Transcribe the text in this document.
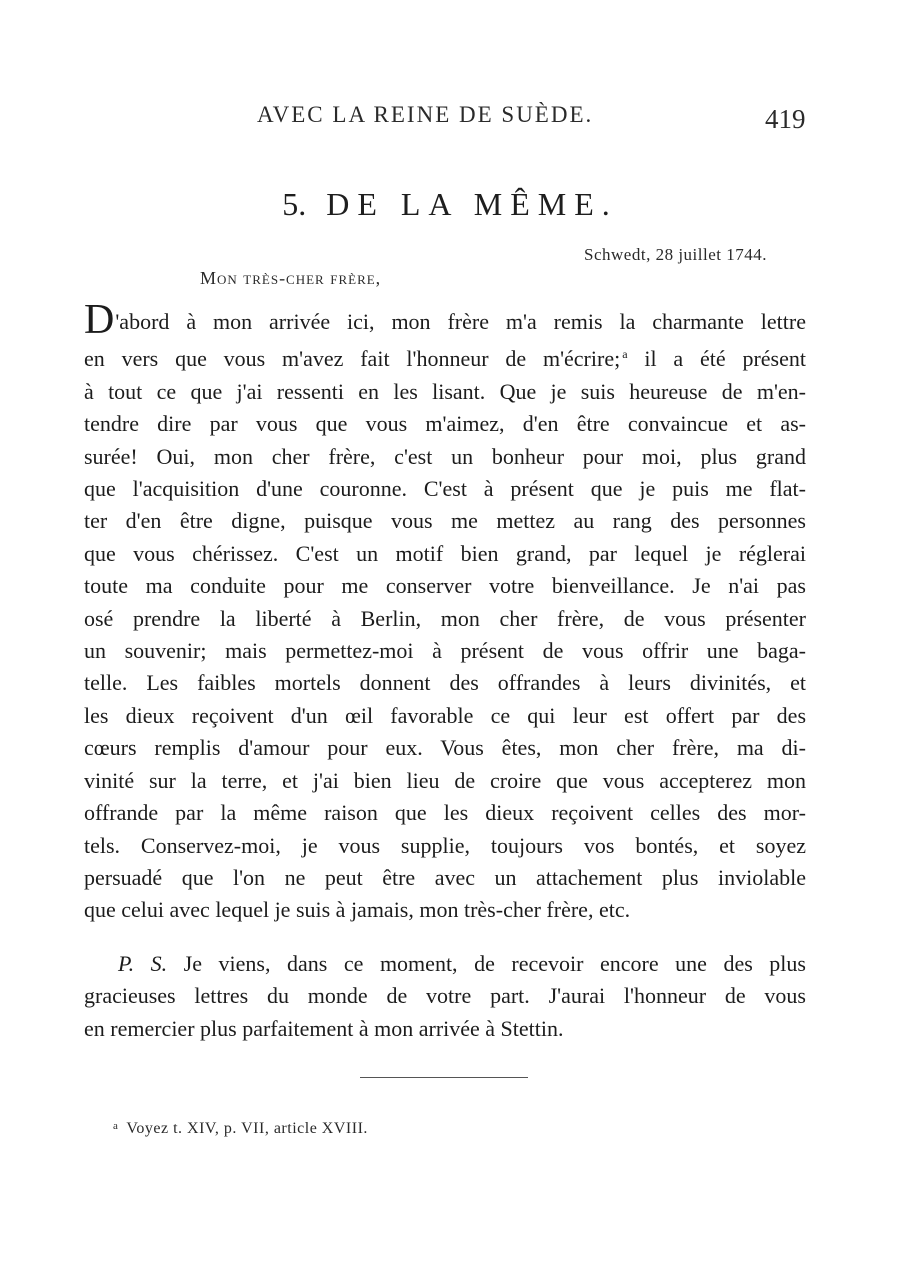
AVEC LA REINE DE SUÈDE.	419
5. DE LA MÊME.
Schwedt, 28 juillet 1744.
Mon très-cher frère,
D'abord à mon arrivée ici, mon frère m'a remis la charmante lettre
en vers que vous m'avez fait l'honneur de m'écrire; $^a$ il a été présent
à tout ce que j'ai ressenti en les lisant. Que je suis heureuse de m'en-
tendre dire par vous que vous m'aimez, d'en être convaincue et as-
surée! Oui, mon cher frère, c'est un bonheur pour moi, plus grand
que l'acquisition d'une couronne. C'est à présent que je puis me flat-
ter d'en être digne, puisque vous me mettez au rang des personnes
que vous chérissez. C'est un motif bien grand, par lequel je réglerai
toute ma conduite pour me conserver votre bienveillance. Je n'ai pas
osé prendre la liberté à Berlin, mon cher frère, de vous présenter
un souvenir; mais permettez-moi à présent de vous offrir une baga-
telle. Les faibles mortels donnent des offrandes à leurs divinités, et
les dieux reçoivent d'un œil favorable ce qui leur est offert par des
cœurs remplis d'amour pour eux. Vous êtes, mon cher frère, ma di-
vinité sur la terre, et j'ai bien lieu de croire que vous accepterez mon
offrande par la même raison que les dieux reçoivent celles des mor-
tels. Conservez-moi, je vous supplie, toujours vos bontés, et soyez
persuadé que l'on ne peut être avec un attachement plus inviolable
que celui avec lequel je suis à jamais, mon très-cher frère, etc.
P. S. Je viens, dans ce moment, de recevoir encore une des plus
gracieuses lettres du monde de votre part. J'aurai l'honneur de vous
en remercier plus parfaitement à mon arrivée à Stettin.
$^a$ Voyez t. XIV, p. VII, article XVIII.
